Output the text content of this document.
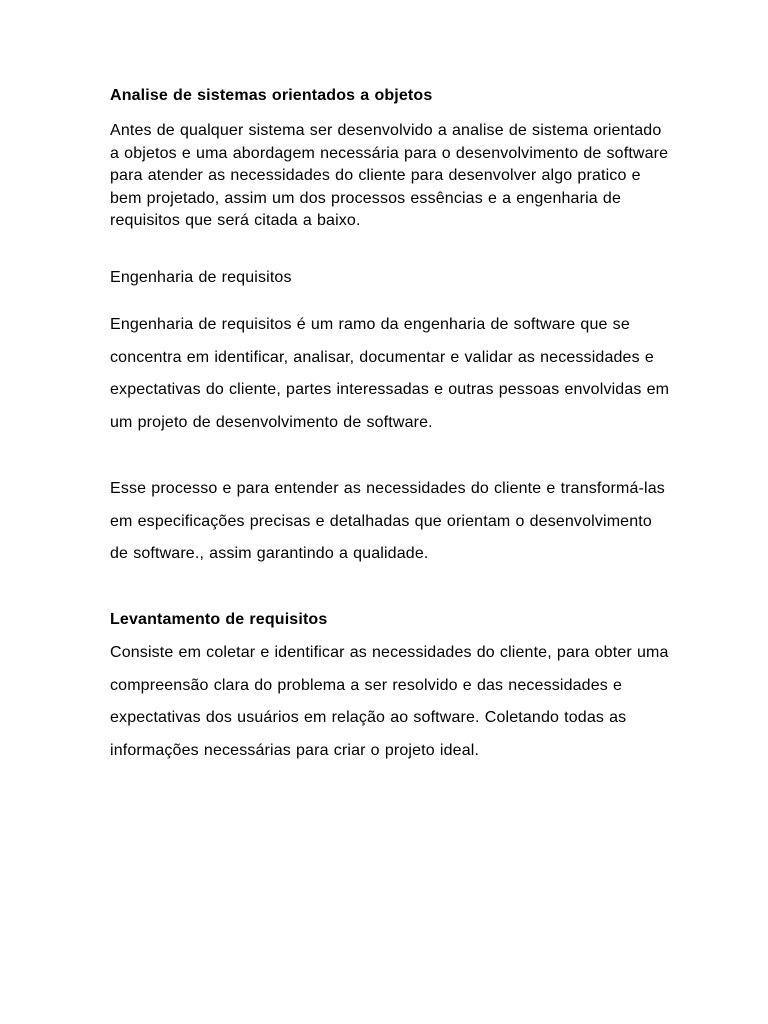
Analise de sistemas orientados a objetos

Antes de qualquer sistema ser desenvolvido a analise de sistema orientado a objetos e uma abordagem necessária para o desenvolvimento de software para atender as necessidades do cliente para desenvolver algo pratico e bem projetado, assim um dos processos essências e a engenharia de requisitos que será citada a baixo.

Engenharia de requisitos

Engenharia de requisitos é um ramo da engenharia de software que se concentra em identificar, analisar, documentar e validar as necessidades e expectativas do cliente, partes interessadas e outras pessoas envolvidas em um projeto de desenvolvimento de software.

Esse processo e para entender as necessidades do cliente e transformá-las em especificações precisas e detalhadas que orientam o desenvolvimento de software., assim garantindo a qualidade.

Levantamento de requisitos

Consiste em coletar e identificar as necessidades do cliente, para obter uma compreensão clara do problema a ser resolvido e das necessidades e expectativas dos usuários em relação ao software. Coletando todas as informações necessárias para criar o projeto ideal.
